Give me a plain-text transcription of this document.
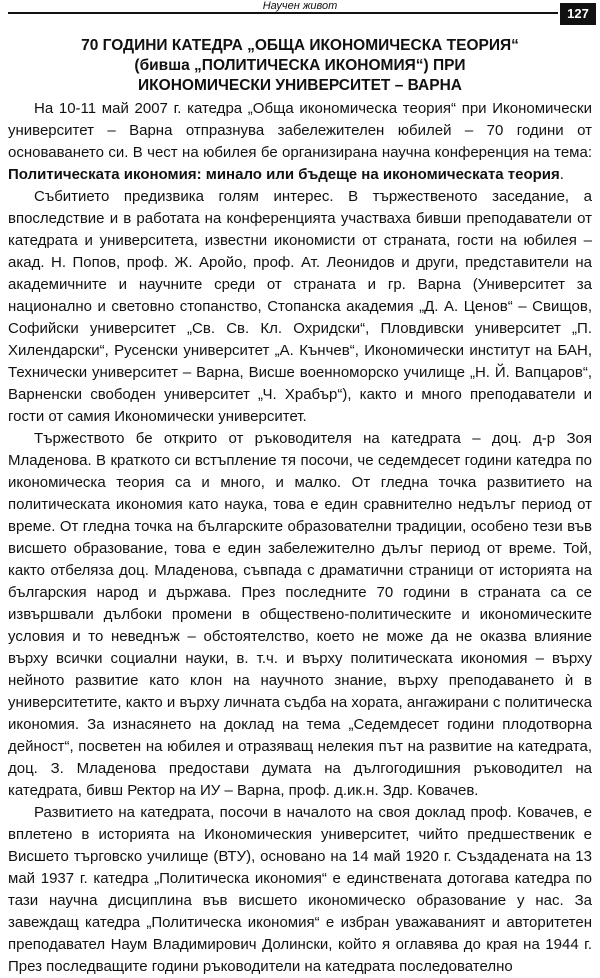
Научен живот	127
70 ГОДИНИ КАТЕДРА „ОБЩА ИКОНОМИЧЕСКА ТЕОРИЯ“
(бивша „ПОЛИТИЧЕСКА ИКОНОМИЯ“) ПРИ
ИКОНОМИЧЕСКИ УНИВЕРСИТЕТ – ВАРНА

На 10-11 май 2007 г. катедра „Обща икономическа теория“ при Икономически университет – Варна отпразнува забележителен юбилей – 70 години от основаването си. В чест на юбилея бе организирана научна конференция на тема: Политическата икономия: минало или бъдеще на икономическата теория.

Събитието предизвика голям интерес. В тържественото заседание, а впоследствие и в работата на конференцията участваха бивши преподаватели от катедрата и университета, известни икономисти от страната, гости на юбилея – акад. Н. Попов, проф. Ж. Аройо, проф. Ат. Леонидов и други, представители на академичните и научните среди от страната и гр. Варна (Университет за национално и световно стопанство, Стопанска академия „Д. А. Ценов“ – Свищов, Софийски университет „Св. Св. Кл. Охридски“, Пловдивски университет „П. Хилендарски“, Русенски университет „А. Кънчев“, Икономически институт на БАН, Технически университет – Варна, Висше военноморско училище „Н. Й. Вапцаров“, Варненски свободен университет „Ч. Храбър“), както и много преподаватели и гости от самия Икономически университет.

Тържеството бе открито от ръководителя на катедрата – доц. д-р Зоя Младенова. В краткото си встъпление тя посочи, че седемдесет години катедра по икономическа теория са и много, и малко. От гледна точка развитието на политическата икономия като наука, това е един сравнително недълъг период от време. От гледна точка на българските образователни традиции, особено тези във висшето образование, това е един забележително дълъг период от време. Той, както отбеляза доц. Младенова, съвпада с драматични страници от историята на българския народ и държава. През последните 70 години в страната са се извършвали дълбоки промени в обществено-политическите и икономическите условия и то неведнъж – обстоятелство, което не може да не оказва влияние върху всички социални науки, в. т.ч. и върху политическата икономия – върху нейното развитие като клон на научното знание, върху преподаването ѝ в университетите, както и върху личната съдба на хората, ангажирани с политическа икономия. За изнасянето на доклад на тема „Седемдесет години плодотворна дейност“, посветен на юбилея и отразяващ нелекия път на развитие на катедрата, доц. З. Младенова предостави думата на дългогодишния ръководител на катедрата, бивш Ректор на ИУ – Варна, проф. д.ик.н. Здр. Ковачев.

Развитието на катедрата, посочи в началото на своя доклад проф. Ковачев, е вплетено в историята на Икономическия университет, чийто предшественик е Висшето търговско училище (ВТУ), основано на 14 май 1920 г. Създадената на 13 май 1937 г. катедра „Политическа икономия“ е единствената дотогава катедра по тази научна дисциплина във висшето икономическо образование у нас. За завеждащ катедра „Политическа икономия“ е избран уважаваният и авторитетен преподавател Наум Владимирович Долински, който я оглавява до края на 1944 г. През последващите години ръководители на катедрата последователно
